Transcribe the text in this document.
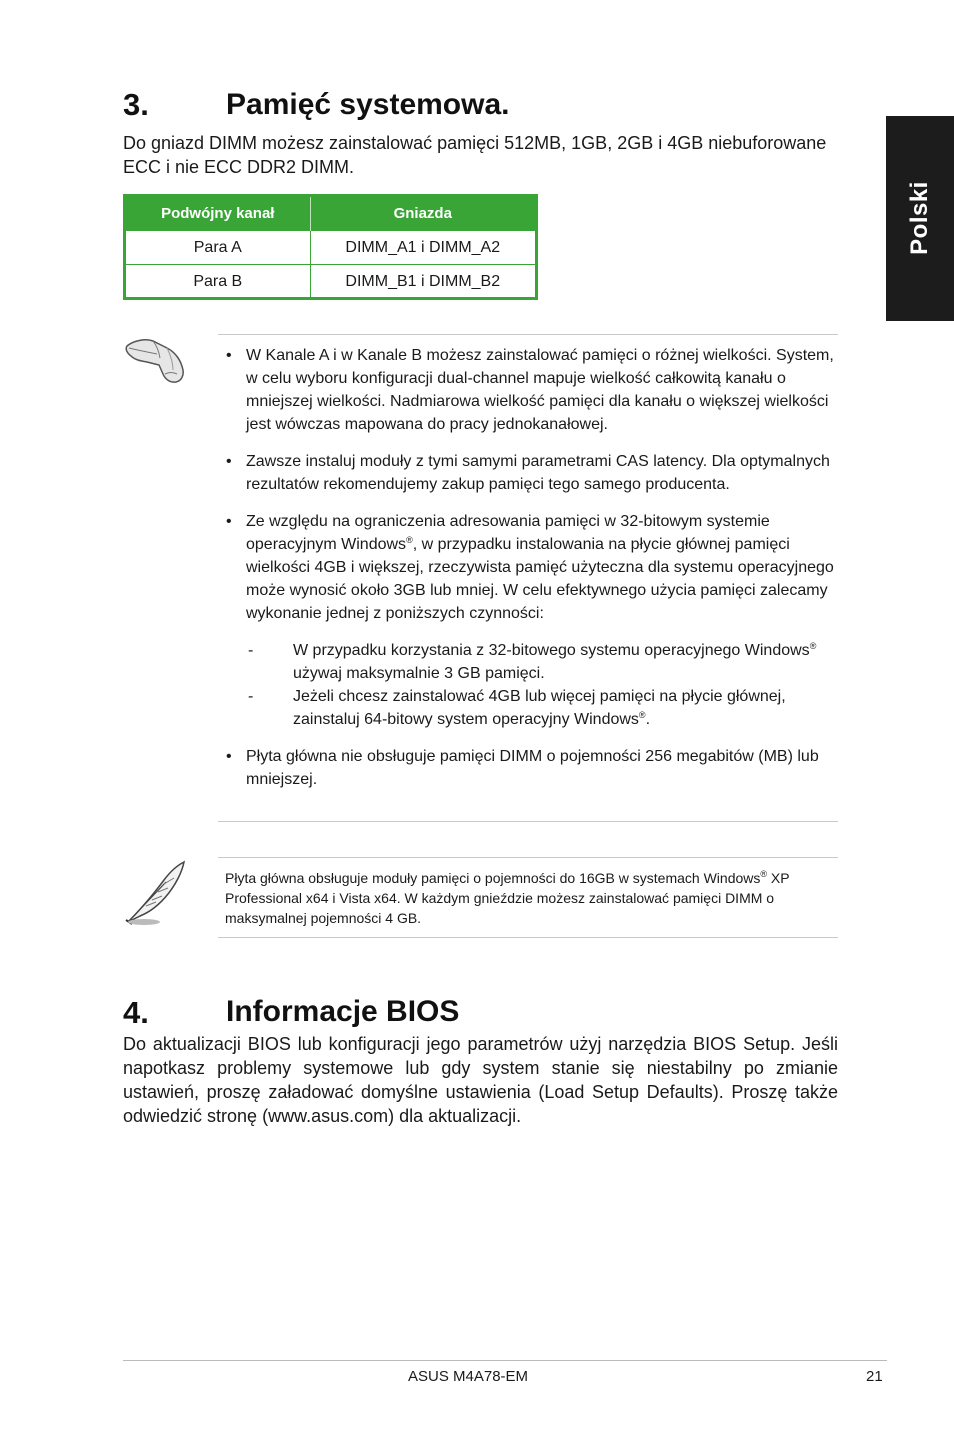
Polski
3.	Pamięć systemowa.
Do gniazd DIMM możesz zainstalować pamięci 512MB, 1GB, 2GB i 4GB niebuforowane ECC i nie ECC DDR2 DIMM.
Podwójny kanał	Gniazda
Para A	DIMM_A1 i DIMM_A2
Para B	DIMM_B1 i DIMM_B2
• W Kanale A i w Kanale B możesz zainstalować pamięci o różnej wielkości. System, w celu wyboru konfiguracji dual-channel mapuje wielkość całkowitą kanału o mniejszej wielkości. Nadmiarowa wielkość pamięci dla kanału o większej wielkości jest wówczas mapowana do pracy jednokanałowej.
• Zawsze instaluj moduły z tymi samymi parametrami CAS latency. Dla optymalnych rezultatów rekomendujemy zakup pamięci tego samego producenta.
• Ze względu na ograniczenia adresowania pamięci w 32-bitowym systemie operacyjnym Windows®, w przypadku instalowania na płycie głównej pamięci wielkości 4GB i większej, rzeczywista pamięć użyteczna dla systemu operacyjnego może wynosić około 3GB lub mniej. W celu efektywnego użycia pamięci zalecamy wykonanie jednej z poniższych czynności:
- W przypadku korzystania z 32-bitowego systemu operacyjnego Windows® używaj maksymalnie 3 GB pamięci.
- Jeżeli chcesz zainstalować 4GB lub więcej pamięci na płycie głównej, zainstaluj 64-bitowy system operacyjny Windows®.
• Płyta główna nie obsługuje pamięci DIMM o pojemności 256 megabitów (MB) lub mniejszej.
Płyta główna obsługuje moduły pamięci o pojemności do 16GB w systemach Windows® XP Professional x64 i Vista x64. W każdym gnieździe możesz zainstalować pamięci DIMM o maksymalnej pojemności 4 GB.
4.	Informacje BIOS
Do aktualizacji BIOS lub konfiguracji jego parametrów użyj narzędzia BIOS Setup. Jeśli napotkasz problemy systemowe lub gdy system stanie się niestabilny po zmianie ustawień, proszę załadować domyślne ustawienia (Load Setup Defaults). Proszę także odwiedzić stronę (www.asus.com) dla aktualizacji.
ASUS M4A78-EM	21
